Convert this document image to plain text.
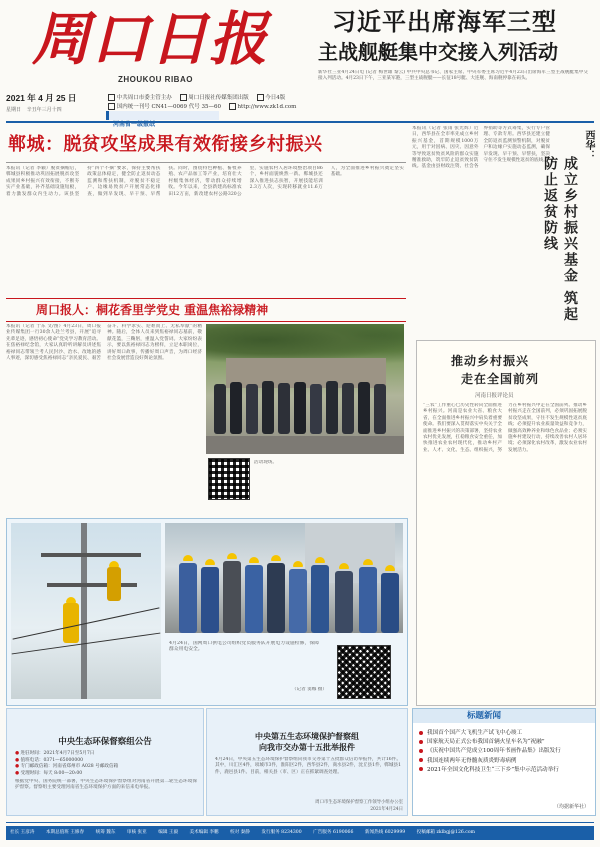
周口日报
ZHOUKOU RIBAO
习近平出席海军三型
主战舰艇集中交接入列活动
2021 年 4 月 25 日
星期日 辛丑年三月十四
中共周口市委主管主办	周口日报社传媒集团出版	今日4版
国内统一刊号 CN41—0069 代号 35—60	http://www.zk1d.com
河南省一级报纸
新华社三亚4月24日电 (记者 梅世雄 黎云) 中共中央总书记、国家主席、中央军委主席习近平4月23日出席海军三型主战舰艇集中交接入列活动。4月23日下午，三亚某军港，三型主战舰艇——长征18号艇、大连舰、海南舰停靠在码头。
郸城：脱贫攻坚成果有效衔接乡村振兴
本报讯（记者 李颖）脱贫摘帽后，郸城县积极推动巩固拓展脱贫攻坚成果同乡村振兴有效衔接，不断夯实产业基础，补齐基础设施短板，着力激发群众内生动力。该县坚持“四个不摘”要求，保持主要帮扶政策总体稳定，健全防止返贫动态监测和帮扶机制，对脱贫不稳定户、边缘易致贫户开展常态化排查，做到早发现、早干预、早帮扶。同时，围绕特色种植、畜牧养殖、农产品加工等产业，培育壮大村级集体经济，带动群众持续增收。今年以来，全县新建高标准农田12万亩，新改建农村公路320公里，实施农村人居环境整治项目86个，乡村面貌焕然一新。郸城县还深入推进扶志扶智，开展技能培训2.3万人次，实现转移就业11.6万人，为全面推进乡村振兴奠定坚实基础。
周口报人：桐花香里学党史 重温焦裕禄精神
本报讯（记者 于东 文/图）4月23日，周口报业传媒集团一行30余人赴兰考县，开展“追寻先辈足迹，感悟初心使命”党史学习教育活动。在焦裕禄纪念馆，大家认真聆听讲解员讲述焦裕禄同志带领兰考人民封沙、治水、改地的感人事迹，深切感受焦裕禄同志“亲民爱民、艰苦奋斗、科学求实、迎难而上、无私奉献”的精神。随后，全体人员来到焦裕禄同志墓前，敬献花篮，三鞠躬，重温入党誓词。大家纷纷表示，要以焦裕禄同志为榜样，立足本职岗位，讲好周口故事，传播好周口声音，为周口经济社会发展营造良好舆论氛围。
活动现场。
4月24日，国网周口供电公司组织党员服务队开展电力设施检修，保障群众用电安全。
（记者 窦娜 摄）
本报讯（记者 张雨 张光辉）近日，西华县在全市率先成立乡村振兴基金，首期规模1000万元，用于对因病、因灾、因意外等导致返贫致贫风险的群众实施精准救助，筑牢防止返贫致贫防线。基金由县财政注资、社会各界捐助等方式筹集，实行专户管理、专款专用。西华县还建立健全防返贫监测预警机制，对脱贫户和边缘户实施动态监测，确保早发现、早干预、早帮扶，坚决守住不发生规模性返贫的底线。
西华：
成立乡村振兴基金 筑起防止返贫防线
推动乡村振兴
走在全国前列
河南日报评论员
“三农”工作重心已历史性转向全面推进乡村振兴。河南是农业大省、粮食大省，在全面推进乡村振兴中肩负着重要使命。我们要深入贯彻落实中央关于全面推进乡村振兴的决策部署，坚持农业农村优先发展，扛稳粮食安全重任，加快推进农业农村现代化，推动乡村产业、人才、文化、生态、组织振兴，努力在乡村振兴中走在全国前列。推动乡村振兴走在全国前列，必须巩固拓展脱贫攻坚成果，守住不发生规模性返贫底线；必须提升农业质量效益和竞争力，做强高效种养业和绿色食品业；必须实施乡村建设行动，持续改善农村人居环境；必须深化农村改革，激发农业农村发展活力。
中央生态环保督察组公告
● 进驻时间：2021年4月7日至5月7日
● 值班电话：0371—65000000
● 专门邮政信箱：河南省郑州市 A028 号邮政信箱
● 受理时间：每天 8:00—20:00
根据党中央、国务院统一部署，中央生态环境保护督察组对河南省开展第二轮生态环境保护督察。督察组主要受理河南省生态环境保护方面的来信来电举报。
中央第五生态环境保护督察组
向我市交办第十五批举报件
4月24日，中央第五生态环境保护督察组向我市交办第十五批群众信访举报件，共计16件。其中，川汇区4件，项城市3件，淮阳区2件，西华县2件，商水县2件，沈丘县1件，郸城县1件，鹿邑县1件。目前，相关县（市、区）正在抓紧调查处理。
周口市生态环境保护督察工作领导小组办公室
2021年4月24日
标题新闻
我国首个国产大飞机生产试飞中心竣工
国家航天局正式公布我国首辆火星车名为“祝融”
《庆祝中国共产党成立100周年书画作品集》出版发行
我国连续两年无脊髓灰质炎野毒病例
2021年全国文化科技卫生“三下乡”集中示范活动举行
（均据新华社）
社长 王彦涛 本期总值班 王修春 统筹 魏东 审核 张亚 编辑 王毅 美术编辑 李鹏 校对 秦静 发行服务 8234300 广告服务 6190066 新闻热线 6029999 投稿邮箱 zklbgj@126.com
